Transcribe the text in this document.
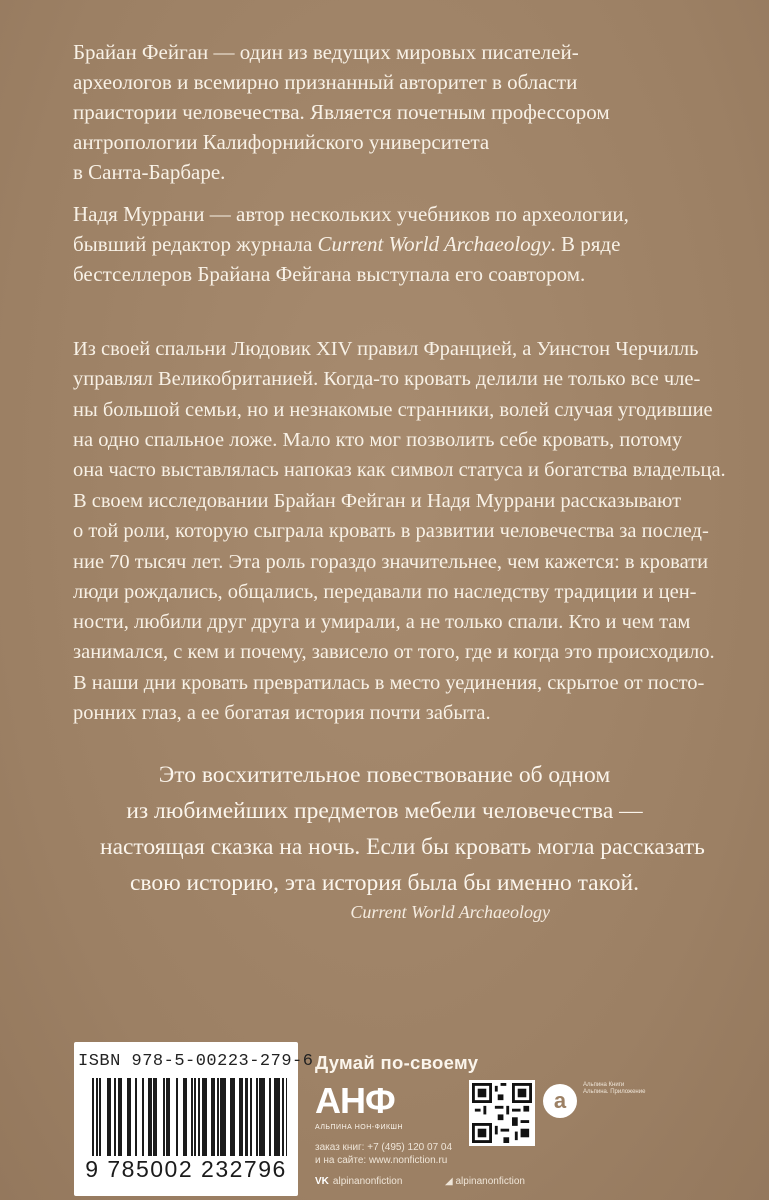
Брайан Фейган — один из ведущих мировых писателей-
археологов и всемирно признанный авторитет в области
праистории человечества. Является почетным профессором
антропологии Калифорнийского университета
в Санта-Барбаре.
Надя Муррани — автор нескольких учебников по археологии,
бывший редактор журнала Current World Archaeology. В ряде
бестселлеров Брайана Фейгана выступала его соавтором.
Из своей спальни Людовик XIV правил Францией, а Уинстон Черчилль
управлял Великобританией. Когда-то кровать делили не только все чле-
ны большой семьи, но и незнакомые странники, волей случая угодившие
на одно спальное ложе. Мало кто мог позволить себе кровать, потому
она часто выставлялась напоказ как символ статуса и богатства владельца.
В своем исследовании Брайан Фейган и Надя Муррани рассказывают
о той роли, которую сыграла кровать в развитии человечества за послед-
ние 70 тысяч лет. Эта роль гораздо значительнее, чем кажется: в кровати
люди рождались, общались, передавали по наследству традиции и цен-
ности, любили друг друга и умирали, а не только спали. Кто и чем там
занимался, с кем и почему, зависело от того, где и когда это происходило.
В наши дни кровать превратилась в место уединения, скрытое от посто-
ронних глаз, а ее богатая история почти забыта.
Это восхитительное повествование об одном
из любимейших предметов мебели человечества —
настоящая сказка на ночь. Если бы кровать могла рассказать
свою историю, эта история была бы именно такой.
Current World Archaeology
ISBN 978-5-00223-279-6
9 785002 232796
Думай по-своему
АНФ
АЛЬПИНА НОН-ФИКШН
заказ книг: +7 (495) 120 07 04
и на сайте: www.nonfiction.ru
VK alpinanonfiction	◢ alpinanonfiction
a
Альпина Книги
Альпина. Приложение
